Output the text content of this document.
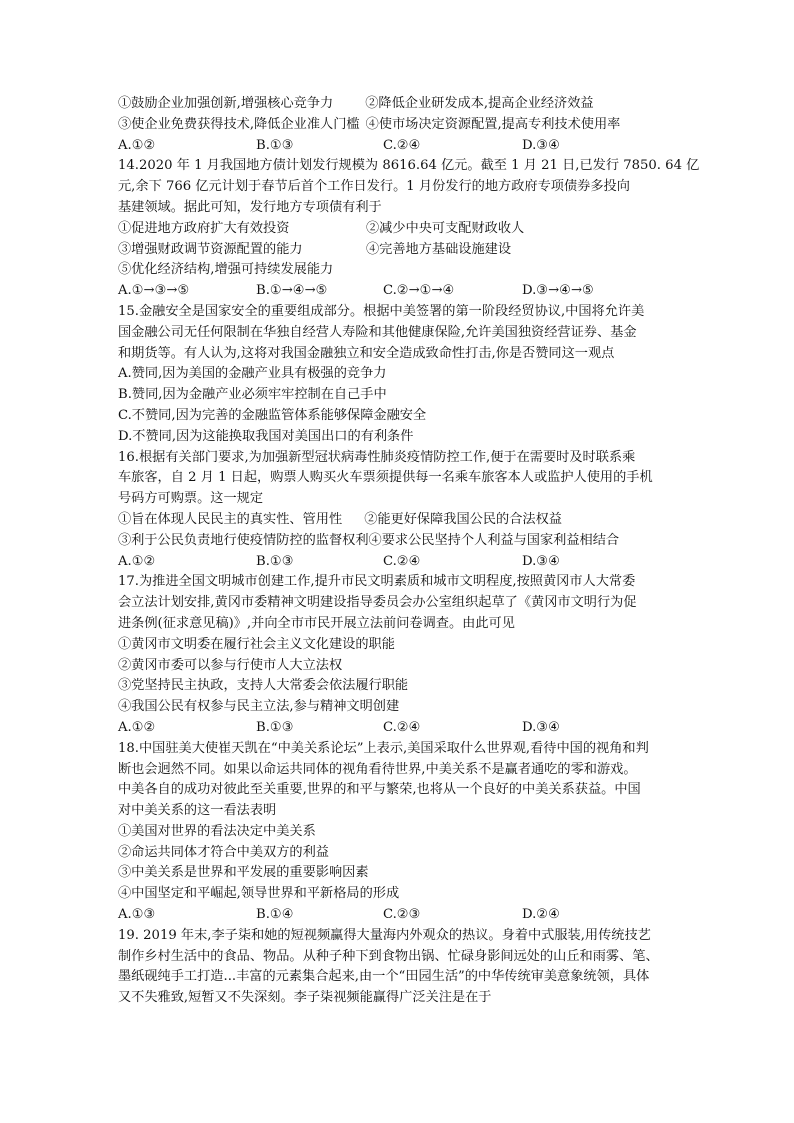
①鼓励企业加强创新,增强核心竞争力 ②降低企业研发成本,提高企业经济效益
③使企业免费获得技术,降低企业准人门槛 ④使市场决定资源配置,提高专利技术使用率
A.①②	B.①③	C.②④	D.③④
14.2020 年 1 月我国地方债计划发行规模为 8616.64 亿元。截至 1 月 21 日,已发行 7850. 64 亿
元,余下 766 亿元计划于春节后首个工作日发行。1 月份发行的地方政府专项债券多投向
基建领域。据此可知，发行地方专项债有利于
①促进地方政府扩大有效投资	②减少中央可支配财政收人
③增强财政调节资源配置的能力	④完善地方基础设施建设
⑤优化经济结构,增强可持续发展能力
A.①→③→⑤	B.①→④→⑤	C.②→①→④	D.③→④→⑤
15.金融安全是国家安全的重要组成部分。根据中美签署的第一阶段经贸协议,中国将允许美
国金融公司无任何限制在华独自经营人寿险和其他健康保险,允许美国独资经营证券、基金
和期货等。有人认为,这将对我国金融独立和安全造成致命性打击,你是否赞同这一观点
A.赞同,因为美国的金融产业具有极强的竞争力
B.赞同,因为金融产业必须牢牢控制在自己手中
C.不赞同,因为完善的金融监管体系能够保障金融安全
D.不赞同,因为这能换取我国对美国出口的有利条件
16.根据有关部门要求,为加强新型冠状病毒性肺炎疫情防控工作,便于在需要时及时联系乘
车旅客，自 2 月 1 日起，购票人购买火车票须提供每一名乘车旅客本人或监护人使用的手机
号码方可购票。这一规定
①旨在体现人民民主的真实性、管用性 ②能更好保障我国公民的合法权益
③利于公民负责地行使疫情防控的监督权利④要求公民坚持个人利益与国家利益相结合
A.①②	B.①③	C.②④	D.③④
17.为推进全国文明城市创建工作,提升市民文明素质和城市文明程度,按照黄冈市人大常委
会立法计划安排,黄冈市委精神文明建设指导委员会办公室组织起草了《黄冈市文明行为促
进条例(征求意见稿)》,并向全市市民开展立法前问卷调查。由此可见
①黄冈市文明委在履行社会主义文化建设的职能
②黄冈市委可以参与行使市人大立法权
③党坚持民主执政，支持人大常委会依法履行职能
④我国公民有权参与民主立法,参与精神文明创建
A.①②	B.①③	C.②④	D.③④
18.中国驻美大使崔天凯在“中美关系论坛”上表示,美国采取什么世界观,看待中国的视角和判
断也会迥然不同。如果以命运共同体的视角看待世界,中美关系不是赢者通吃的零和游戏。
中美各自的成功对彼此至关重要,世界的和平与繁荣,也将从一个良好的中美关系获益。中国
对中美关系的这一看法表明
①美国对世界的看法决定中美关系
②命运共同体才符合中美双方的利益
③中美关系是世界和平发展的重要影响因素
④中国坚定和平崛起,领导世界和平新格局的形成
A.①③	B.①④	C.②③	D.②④
19. 2019 年末,李子柒和她的短视频赢得大量海内外观众的热议。身着中式服装,用传统技艺
制作乡村生活中的食品、物品。从种子种下到食物出锅、忙碌身影间远处的山丘和雨雾、笔、
墨纸砚纯手工打造...丰富的元素集合起来,由一个“田园生活”的中华传统审美意象统领，具体
又不失雅致,短暂又不失深刻。李子柒视频能赢得广泛关注是在于
